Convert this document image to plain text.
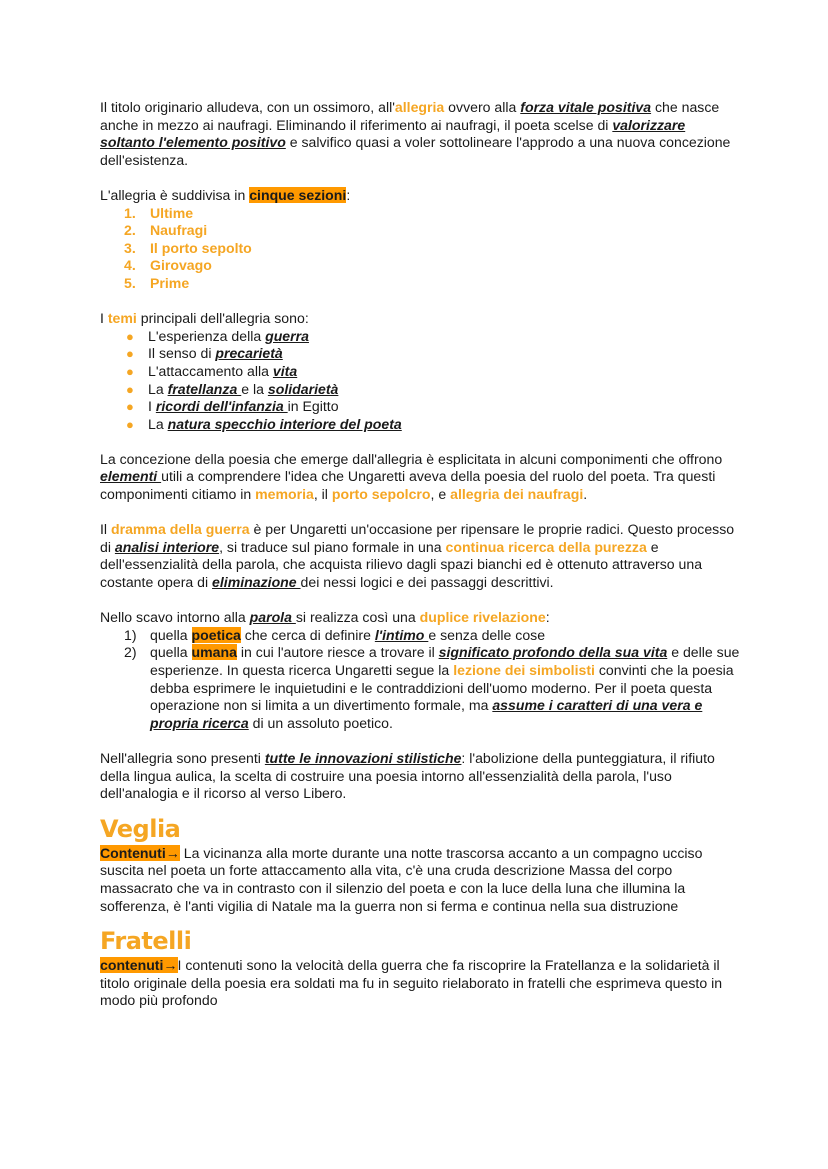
Il titolo originario alludeva, con un ossimoro, all'allegria ovvero alla forza vitale positiva che nasce anche in mezzo ai naufragi. Eliminando il riferimento ai naufragi, il poeta scelse di valorizzare soltanto l'elemento positivo e salvifico quasi a voler sottolineare l'approdo a una nuova concezione dell'esistenza.

L'allegria è suddivisa in cinque sezioni:

1. Ultime
2. Naufragi
3. Il porto sepolto
4. Girovago
5. Prime

I temi principali dell'allegria sono:

● L'esperienza della guerra
● Il senso di precarietà
● L'attaccamento alla vita
● La fratellanza e la solidarietà
● I ricordi dell'infanzia in Egitto
● La natura specchio interiore del poeta

La concezione della poesia che emerge dall'allegria è esplicitata in alcuni componimenti che offrono elementi utili a comprendere l'idea che Ungaretti aveva della poesia del ruolo del poeta. Tra questi componimenti citiamo in memoria, il porto sepolcro, e allegria dei naufragi.

Il dramma della guerra è per Ungaretti un'occasione per ripensare le proprie radici. Questo processo di analisi interiore, si traduce sul piano formale in una continua ricerca della purezza e dell'essenzialità della parola, che acquista rilievo dagli spazi bianchi ed è ottenuto attraverso una costante opera di eliminazione dei nessi logici e dei passaggi descrittivi.

Nello scavo intorno alla parola si realizza così una duplice rivelazione:

1) quella poetica che cerca di definire l'intimo e senza delle cose
2) quella umana in cui l'autore riesce a trovare il significato profondo della sua vita e delle sue esperienze. In questa ricerca Ungaretti segue la lezione dei simbolisti convinti che la poesia debba esprimere le inquietudini e le contraddizioni dell'uomo moderno. Per il poeta questa operazione non si limita a un divertimento formale, ma assume i caratteri di una vera e propria ricerca di un assoluto poetico.

Nell'allegria sono presenti tutte le innovazioni stilistiche: l'abolizione della punteggiatura, il rifiuto della lingua aulica, la scelta di costruire una poesia intorno all'essenzialità della parola, l'uso dell'analogia e il ricorso al verso Libero.

Veglia

Contenuti→ La vicinanza alla morte durante una notte trascorsa accanto a un compagno ucciso suscita nel poeta un forte attaccamento alla vita, c'è una cruda descrizione Massa del corpo massacrato che va in contrasto con il silenzio del poeta e con la luce della luna che illumina la sofferenza, è l'anti vigilia di Natale ma la guerra non si ferma e continua nella sua distruzione

Fratelli

contenuti→I contenuti sono la velocità della guerra che fa riscoprire la Fratellanza e la solidarietà il titolo originale della poesia era soldati ma fu in seguito rielaborato in fratelli che esprimeva questo in modo più profondo
